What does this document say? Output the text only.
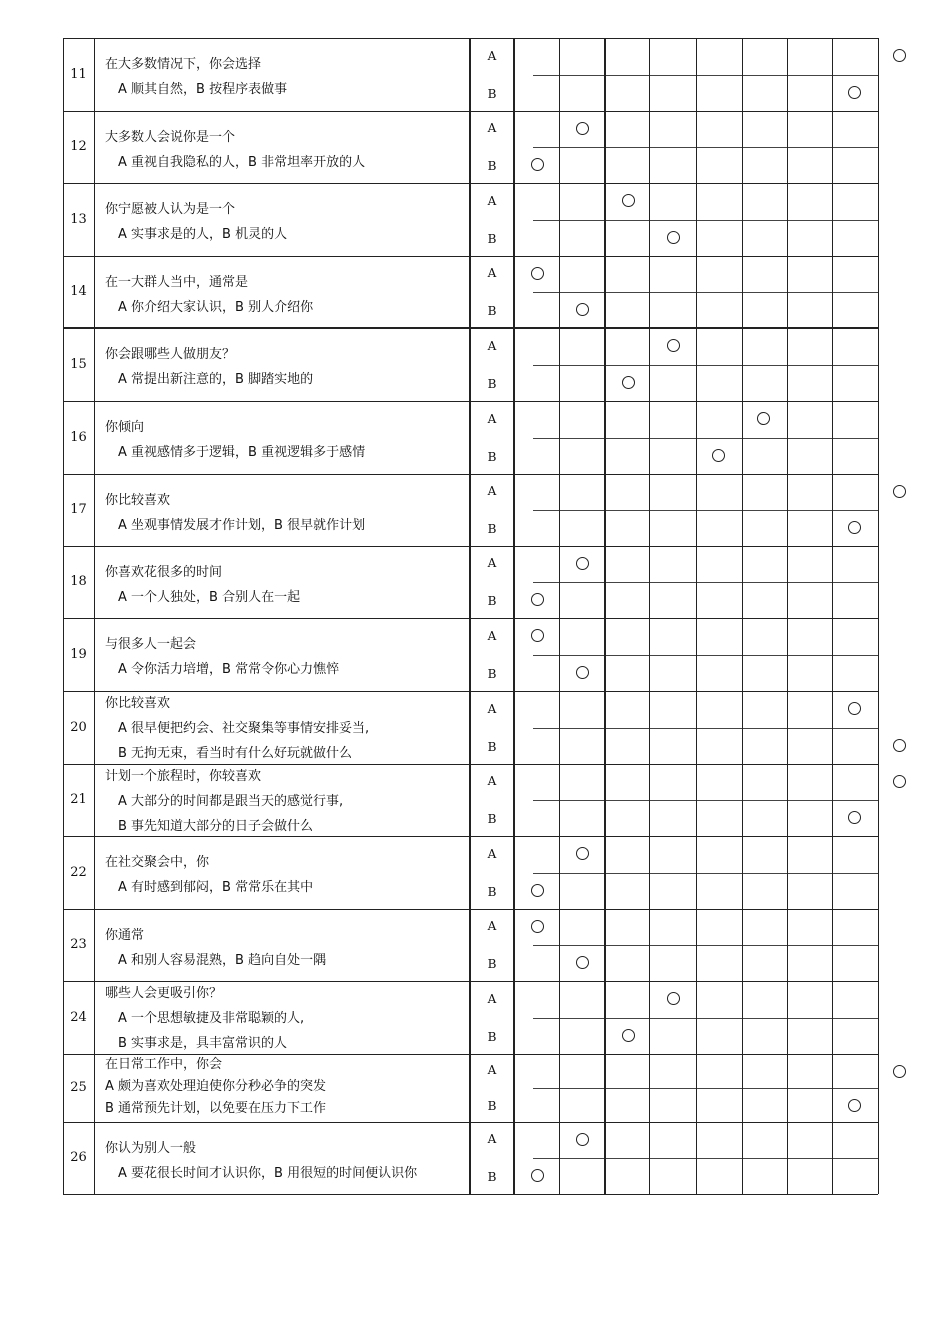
11
在大多数情况下，你会选择
A 顺其自然，B 按程序表做事
A
B
12
大多数人会说你是一个
A 重视自我隐私的人，B 非常坦率开放的人
A
B
13
你宁愿被人认为是一个
A 实事求是的人，B 机灵的人
A
B
14
在一大群人当中，通常是
A 你介绍大家认识，B 别人介绍你
A
B
15
你会跟哪些人做朋友？
A 常提出新注意的，B 脚踏实地的
A
B
16
你倾向
A 重视感情多于逻辑，B 重视逻辑多于感情
A
B
17
你比较喜欢
A 坐观事情发展才作计划，B 很早就作计划
A
B
18
你喜欢花很多的时间
A 一个人独处，B 合别人在一起
A
B
19
与很多人一起会
A 令你活力培增，B 常常令你心力憔悴
A
B
20
你比较喜欢
A 很早便把约会、社交聚集等事情安排妥当,
B 无拘无束，看当时有什么好玩就做什么
A
B
21
计划一个旅程时，你较喜欢
A 大部分的时间都是跟当天的感觉行事,
B 事先知道大部分的日子会做什么
A
B
22
在社交聚会中，你
A 有时感到郁闷，B 常常乐在其中
A
B
23
你通常
A 和别人容易混熟，B 趋向自处一隅
A
B
24
哪些人会更吸引你？
A 一个思想敏捷及非常聪颖的人,
B 实事求是，具丰富常识的人
A
B
25
在日常工作中，你会
A 颇为喜欢处理迫使你分秒必争的突发
B 通常预先计划，以免要在压力下工作
A
B
26
你认为别人一般
A 要花很长时间才认识你，B 用很短的时间便认识你
A
B
